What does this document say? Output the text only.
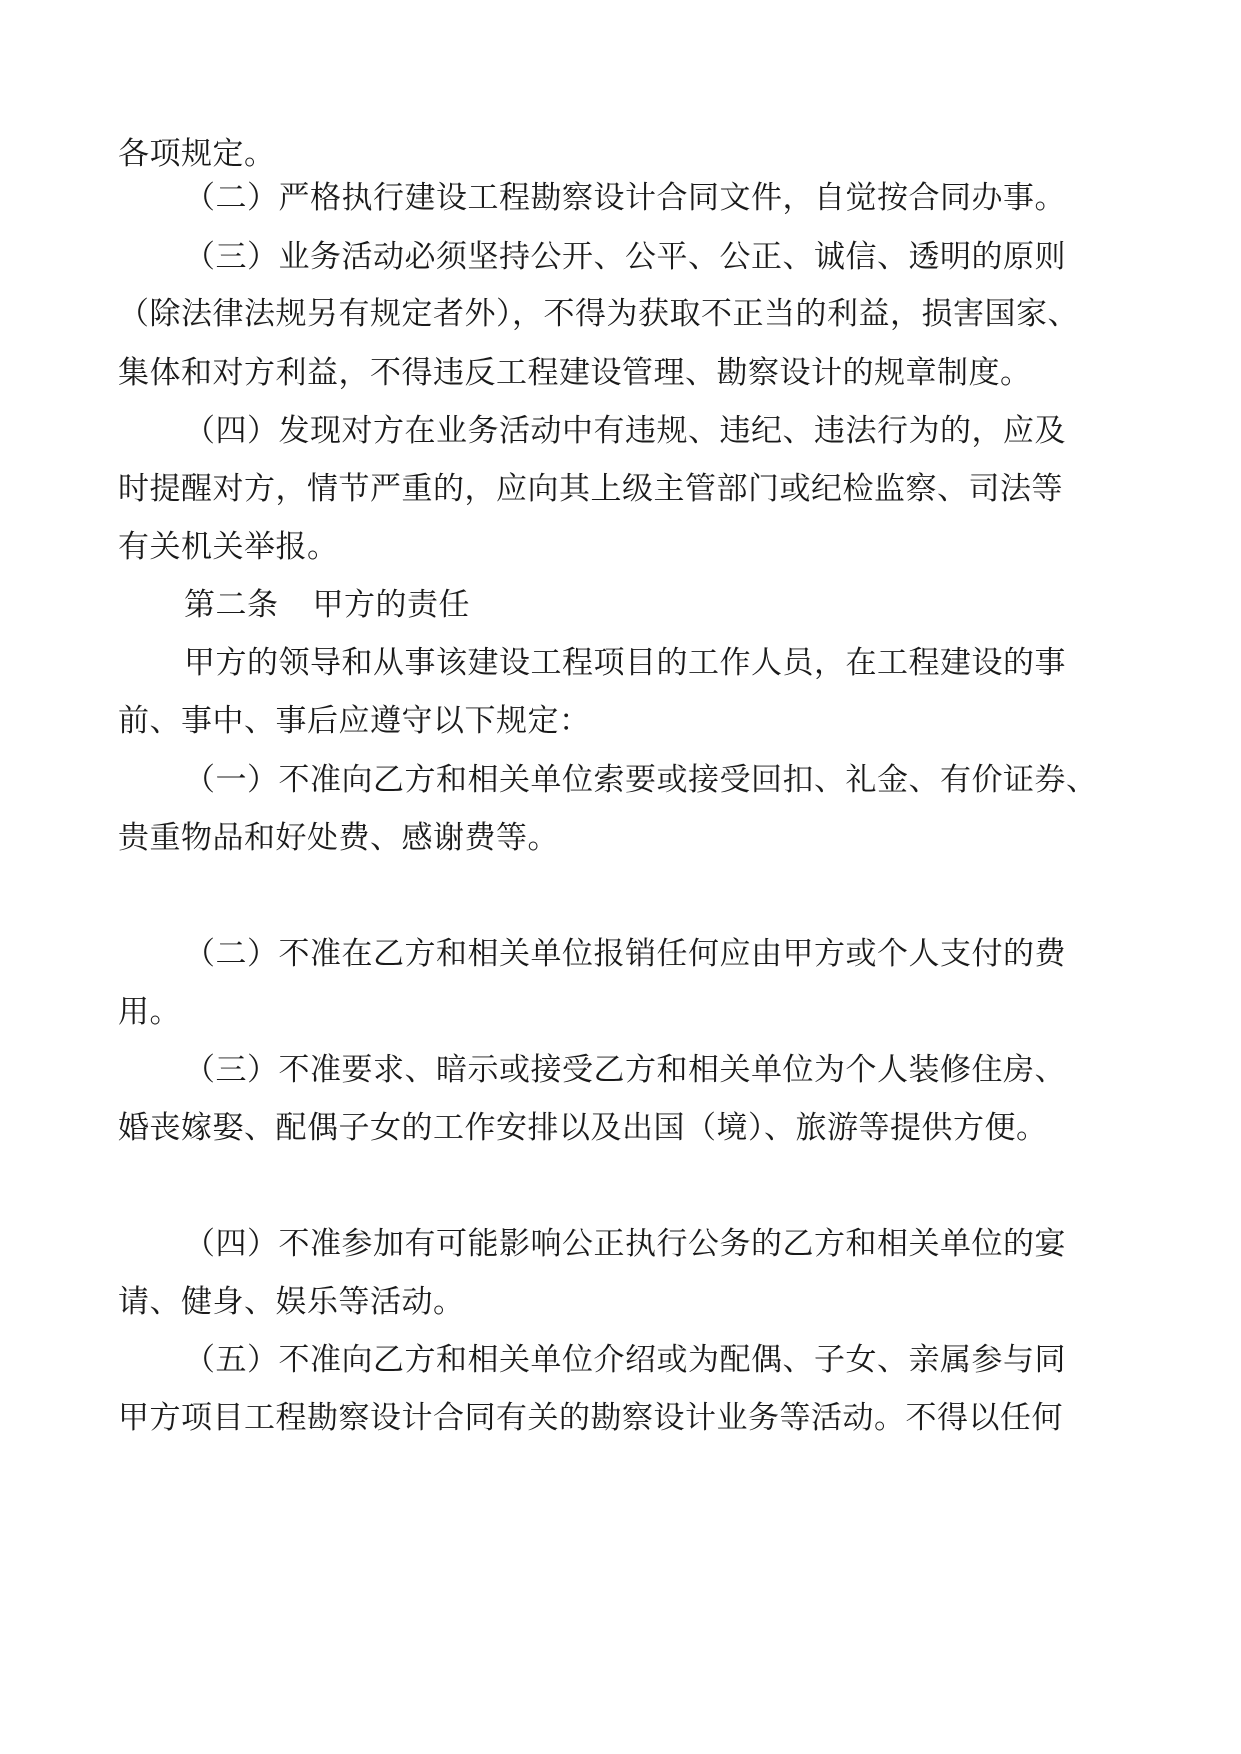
各项规定。
（二）严格执行建设工程勘察设计合同文件，自觉按合同办事。
（三）业务活动必须坚持公开、公平、公正、诚信、透明的原则
（除法律法规另有规定者外），不得为获取不正当的利益，损害国家、
集体和对方利益，不得违反工程建设管理、勘察设计的规章制度。
（四）发现对方在业务活动中有违规、违纪、违法行为的，应及
时提醒对方，情节严重的，应向其上级主管部门或纪检监察、司法等
有关机关举报。
第二条 甲方的责任
甲方的领导和从事该建设工程项目的工作人员，在工程建设的事
前、事中、事后应遵守以下规定：
（一）不准向乙方和相关单位索要或接受回扣、礼金、有价证券、
贵重物品和好处费、感谢费等。
（二）不准在乙方和相关单位报销任何应由甲方或个人支付的费
用。
（三）不准要求、暗示或接受乙方和相关单位为个人装修住房、
婚丧嫁娶、配偶子女的工作安排以及出国（境）、旅游等提供方便。
（四）不准参加有可能影响公正执行公务的乙方和相关单位的宴
请、健身、娱乐等活动。
（五）不准向乙方和相关单位介绍或为配偶、子女、亲属参与同
甲方项目工程勘察设计合同有关的勘察设计业务等活动。不得以任何
